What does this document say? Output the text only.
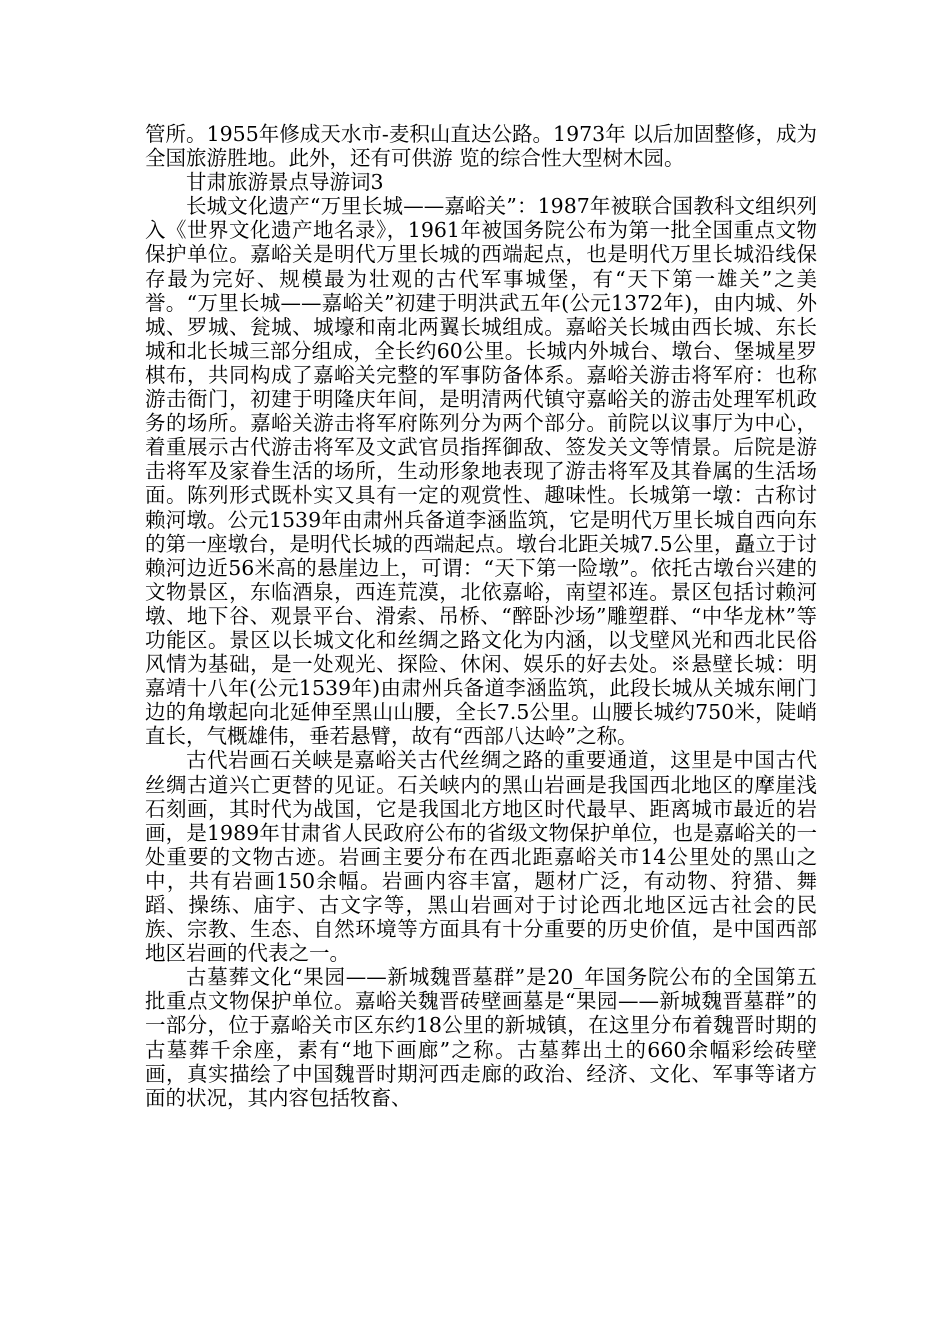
管所。1955年修成天水市-麦积山直达公路。1973年 以后加固整修，成为全国旅游胜地。此外，还有可供游 览的综合性大型树木园。

甘肃旅游景点导游词3

长城文化遗产“万里长城——嘉峪关”：1987年被联合国教科文组织列入《世界文化遗产地名录》，1961年被国务院公布为第一批全国重点文物保护单位。嘉峪关是明代万里长城的西端起点，也是明代万里长城沿线保存最为完好、规模最为壮观的古代军事城堡，有“天下第一雄关”之美誉。“万里长城——嘉峪关”初建于明洪武五年(公元1372年)，由内城、外城、罗城、瓮城、城壕和南北两翼长城组成。嘉峪关长城由西长城、东长城和北长城三部分组成，全长约60公里。长城内外城台、墩台、堡城星罗棋布，共同构成了嘉峪关完整的军事防备体系。嘉峪关游击将军府：也称游击衙门，初建于明隆庆年间，是明清两代镇守嘉峪关的游击处理军机政务的场所。嘉峪关游击将军府陈列分为两个部分。前院以议事厅为中心，着重展示古代游击将军及文武官员指挥御敌、签发关文等情景。后院是游击将军及家眷生活的场所，生动形象地表现了游击将军及其眷属的生活场面。陈列形式既朴实又具有一定的观赏性、趣味性。长城第一墩：古称讨赖河墩。公元1539年由肃州兵备道李涵监筑，它是明代万里长城自西向东的第一座墩台，是明代长城的西端起点。墩台北距关城7.5公里，矗立于讨赖河边近56米高的悬崖边上，可谓：“天下第一险墩”。依托古墩台兴建的文物景区，东临酒泉，西连荒漠，北依嘉峪，南望祁连。景区包括讨赖河墩、地下谷、观景平台、滑索、吊桥、“醉卧沙场”雕塑群、“中华龙林”等功能区。景区以长城文化和丝绸之路文化为内涵，以戈壁风光和西北民俗风情为基础，是一处观光、探险、休闲、娱乐的好去处。※悬壁长城：明嘉靖十八年(公元1539年)由肃州兵备道李涵监筑，此段长城从关城东闸门边的角墩起向北延伸至黑山山腰，全长7.5公里。山腰长城约750米，陡峭直长，气概雄伟，垂若悬臂，故有“西部八达岭”之称。

古代岩画石关峡是嘉峪关古代丝绸之路的重要通道，这里是中国古代丝绸古道兴亡更替的见证。石关峡内的黑山岩画是我国西北地区的摩崖浅石刻画，其时代为战国，它是我国北方地区时代最早、距离城市最近的岩画，是1989年甘肃省人民政府公布的省级文物保护单位，也是嘉峪关的一处重要的文物古迹。岩画主要分布在西北距嘉峪关市14公里处的黑山之中，共有岩画150余幅。岩画内容丰富，题材广泛，有动物、狩猎、舞蹈、操练、庙宇、古文字等，黑山岩画对于讨论西北地区远古社会的民族、宗教、生态、自然环境等方面具有十分重要的历史价值，是中国西部地区岩画的代表之一。

古墓葬文化“果园——新城魏晋墓群”是20_年国务院公布的全国第五批重点文物保护单位。嘉峪关魏晋砖壁画墓是“果园——新城魏晋墓群”的一部分，位于嘉峪关市区东约18公里的新城镇，在这里分布着魏晋时期的古墓葬千余座，素有“地下画廊”之称。古墓葬出土的660余幅彩绘砖壁画，真实描绘了中国魏晋时期河西走廊的政治、经济、文化、军事等诸方面的状况，其内容包括牧畜、
